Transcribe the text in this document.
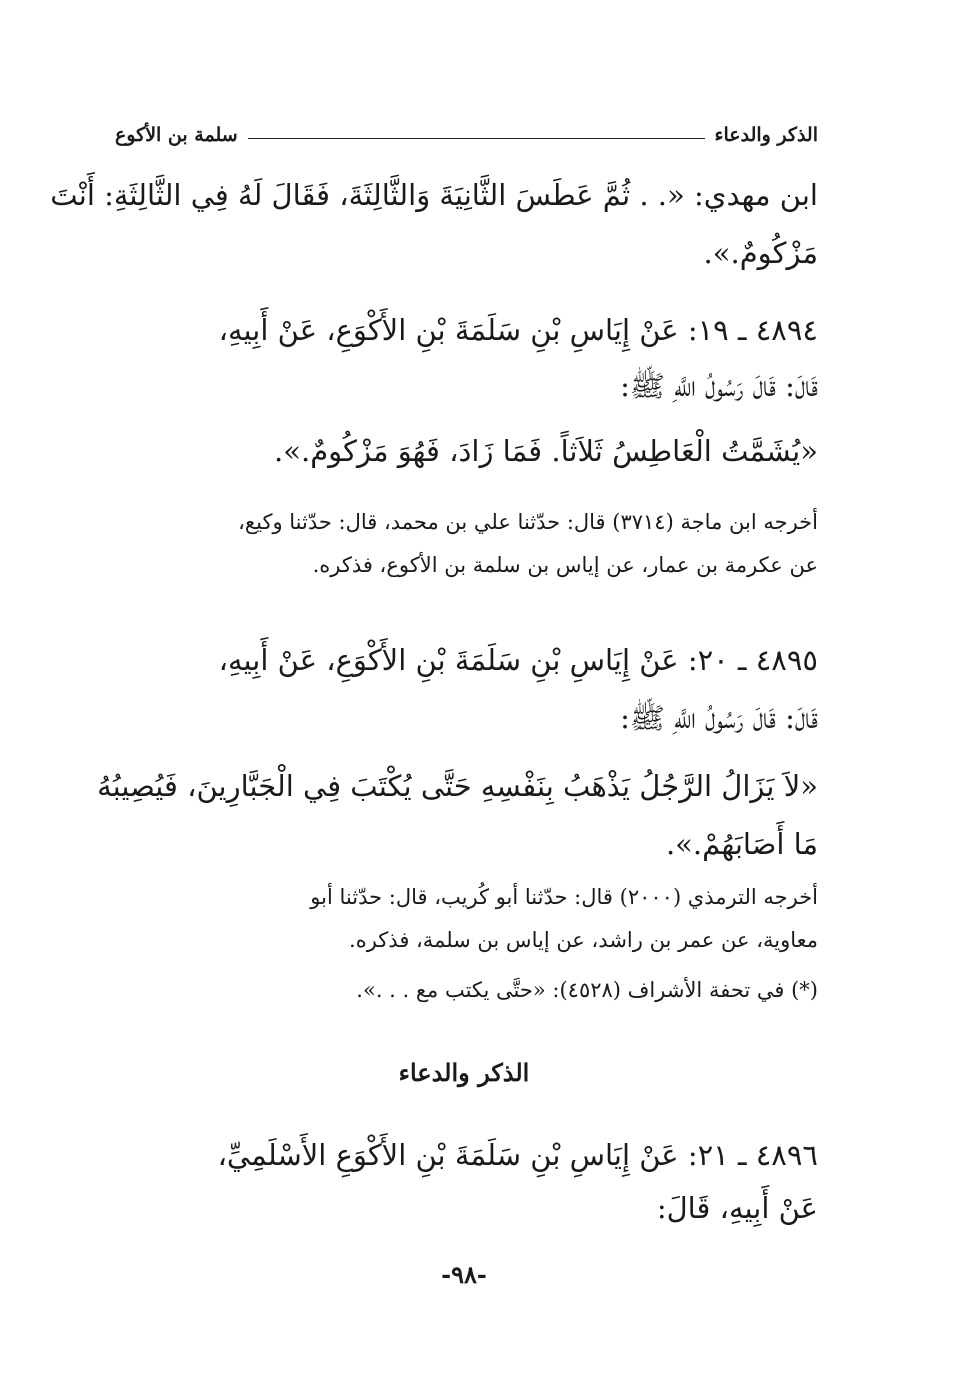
الذكر والدعاء
سلمة بن الأكوع
ابن مهدي: «. . ثُمَّ عَطَسَ الثَّانِيَةَ وَالثَّالِثَةَ، فَقَالَ لَهُ فِي الثَّالِثَةِ: أَنْتَ
مَزْكُومٌ.».
٤٨٩٤ ـ ١٩: عَنْ إِيَاسِ بْنِ سَلَمَةَ بْنِ الأَكْوَعِ، عَنْ أَبِيهِ،
قَالَ: قَالَ رَسُولُ اللَّهِ ﷺ:
«يُشَمَّتُ الْعَاطِسُ ثَلاَثاً. فَمَا زَادَ، فَهُوَ مَزْكُومٌ.».
أخرجه ابن ماجة (٣٧١٤) قال: حدّثنا علي بن محمد، قال: حدّثنا وكيع،
عن عكرمة بن عمار، عن إياس بن سلمة بن الأكوع، فذكره.
٤٨٩٥ ـ ٢٠: عَنْ إِيَاسِ بْنِ سَلَمَةَ بْنِ الأَكْوَعِ، عَنْ أَبِيهِ،
قَالَ: قَالَ رَسُولُ اللَّهِ ﷺ:
«لاَ يَزَالُ الرَّجُلُ يَذْهَبُ بِنَفْسِهِ حَتَّى يُكْتَبَ فِي الْجَبَّارِينَ، فَيُصِيبُهُ
مَا أَصَابَهُمْ.».
أخرجه الترمذي (٢٠٠٠) قال: حدّثنا أبو كُريب، قال: حدّثنا أبو
معاوية، عن عمر بن راشد، عن إياس بن سلمة، فذكره.
(*) في تحفة الأشراف (٤٥٢٨): «حتَّى يكتب مع . . .».
الذكر والدعاء
٤٨٩٦ ـ ٢١: عَنْ إِيَاسِ بْنِ سَلَمَةَ بْنِ الأَكْوَعِ الأَسْلَمِيِّ،
عَنْ أَبِيهِ، قَالَ:
-٩٨-
